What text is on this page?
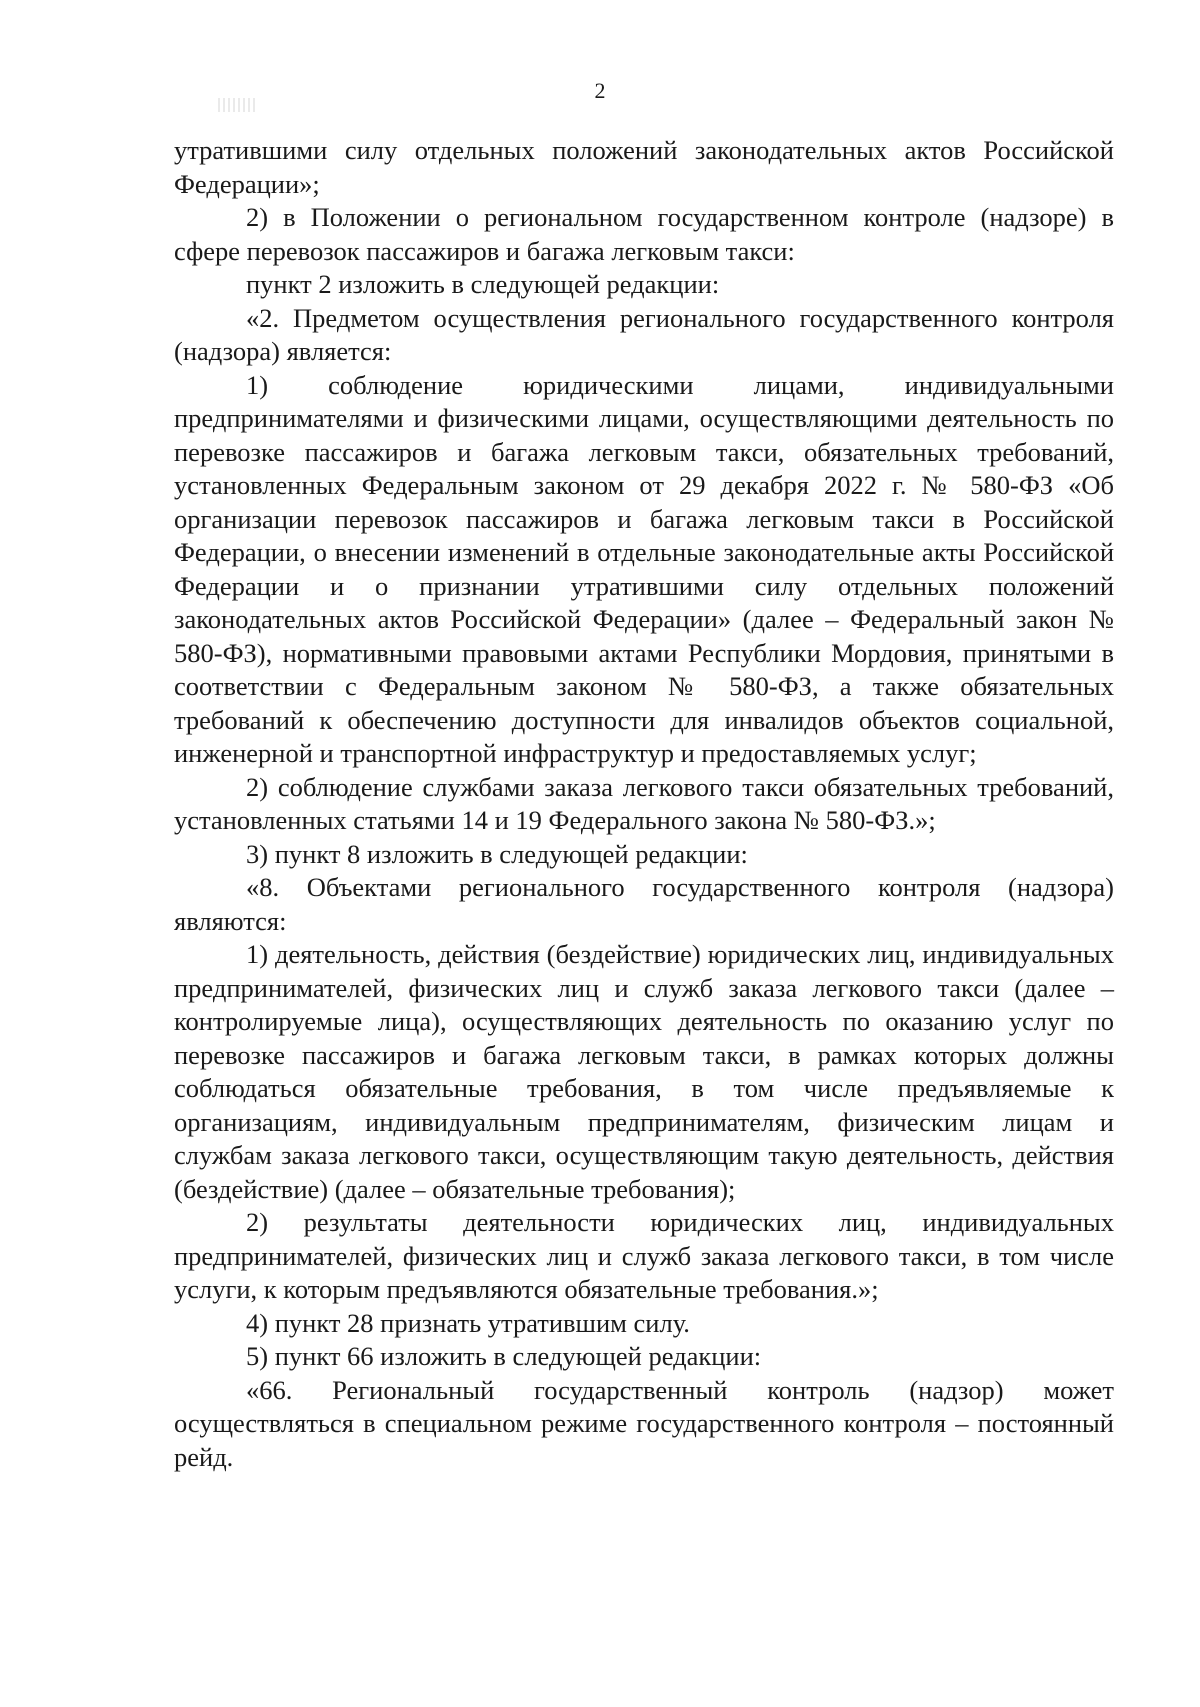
2

утратившими силу отдельных положений законодательных актов Российской Федерации»;

2) в Положении о региональном государственном контроле (надзоре) в сфере перевозок пассажиров и багажа легковым такси:

пункт 2 изложить в следующей редакции:

«2. Предметом осуществления регионального государственного контроля (надзора) является:

1) соблюдение юридическими лицами, индивидуальными предпринимателями и физическими лицами, осуществляющими деятельность по перевозке пассажиров и багажа легковым такси, обязательных требований, установленных Федеральным законом от 29 декабря 2022 г. № 580-ФЗ «Об организации перевозок пассажиров и багажа легковым такси в Российской Федерации, о внесении изменений в отдельные законодательные акты Российской Федерации и о признании утратившими силу отдельных положений законодательных актов Российской Федерации» (далее – Федеральный закон № 580-ФЗ), нормативными правовыми актами Республики Мордовия, принятыми в соответствии с Федеральным законом № 580-ФЗ, а также обязательных требований к обеспечению доступности для инвалидов объектов социальной, инженерной и транспортной инфраструктур и предоставляемых услуг;

2) соблюдение службами заказа легкового такси обязательных требований, установленных статьями 14 и 19 Федерального закона № 580-ФЗ.»;

3) пункт 8 изложить в следующей редакции:

«8. Объектами регионального государственного контроля (надзора) являются:

1) деятельность, действия (бездействие) юридических лиц, индивидуальных предпринимателей, физических лиц и служб заказа легкового такси (далее – контролируемые лица), осуществляющих деятельность по оказанию услуг по перевозке пассажиров и багажа легковым такси, в рамках которых должны соблюдаться обязательные требования, в том числе предъявляемые к организациям, индивидуальным предпринимателям, физическим лицам и службам заказа легкового такси, осуществляющим такую деятельность, действия (бездействие) (далее – обязательные требования);

2) результаты деятельности юридических лиц, индивидуальных предпринимателей, физических лиц и служб заказа легкового такси, в том числе услуги, к которым предъявляются обязательные требования.»;

4) пункт 28 признать утратившим силу.

5) пункт 66 изложить в следующей редакции:

«66. Региональный государственный контроль (надзор) может осуществляться в специальном режиме государственного контроля – постоянный рейд.
